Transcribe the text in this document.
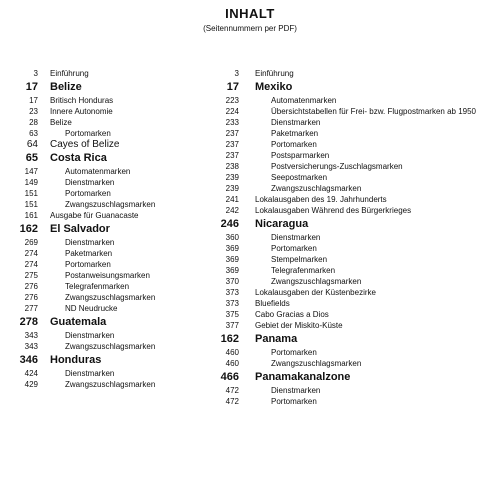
INHALT
(Seitennummern per PDF)
3 Einführung
17 Belize
17 Britisch Honduras
23 Innere Autonomie
28 Belize
63	Portomarken
64 Cayes of Belize
65 Costa Rica
147	Automatenmarken
149	Dienstmarken
151	Portomarken
151	Zwangszuschlagsmarken
161 Ausgabe für Guanacaste
162 El Salvador
269	Dienstmarken
274	Paketmarken
274	Portomarken
275	Postanweisungsmarken
276	Telegrafenmarken
276	Zwangszuschlagsmarken
277	ND Neudrucke
278 Guatemala
343	Dienstmarken
343	Zwangszuschlagsmarken
346 Honduras
424	Dienstmarken
429	Zwangszuschlagsmarken
3 Einführung
17 Mexiko
223	Automatenmarken
224	Übersichtstabellen für Frei- bzw. Flugpostmarken ab 1950
233	Dienstmarken
237	Paketmarken
237	Portomarken
237	Postsparmarken
238	Postversicherungs-Zuschlagsmarken
239	Seepostmarken
239	Zwangszuschlagsmarken
241 Lokalausgaben des 19. Jahrhunderts
242 Lokalausgaben Während des Bürgerkrieges
246 Nicaragua
360	Dienstmarken
369	Portomarken
369	Stempelmarken
369	Telegrafenmarken
370	Zwangszuschlagsmarken
373 Lokalausgaben der Küstenbezirke
373 Bluefields
375 Cabo Gracias a Dios
377 Gebiet der Miskito-Küste
162 Panama
460	Portomarken
460	Zwangszuschlagsmarken
466 Panamakanalzone
472	Dienstmarken
472	Portomarken
